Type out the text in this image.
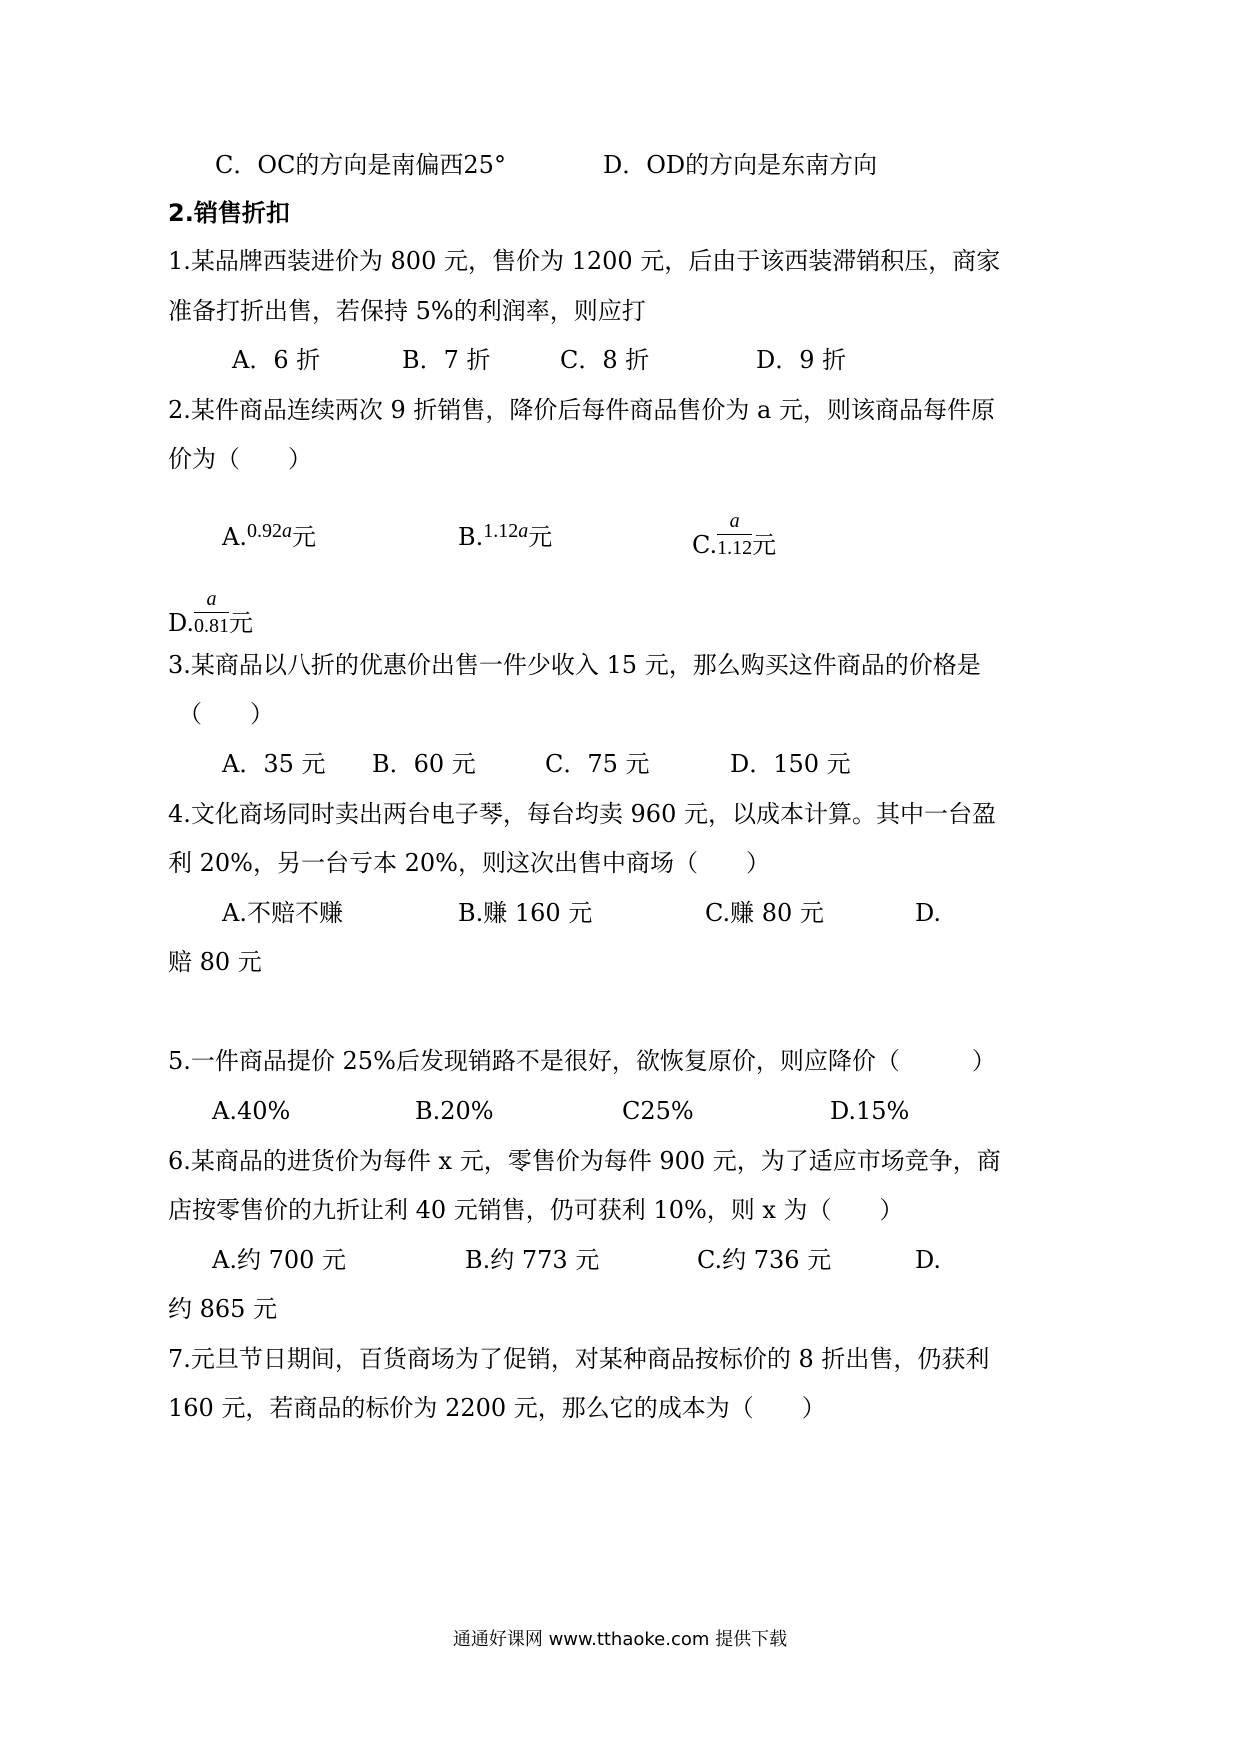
C．OC的方向是南偏西25°	D．OD的方向是东南方向
2.销售折扣
1.某品牌西装进价为 800 元，售价为 1200 元，后由于该西装滞销积压，商家
准备打折出售，若保持 5%的利润率，则应打
A．6 折	B．7 折	C．8 折	D．9 折
2.某件商品连续两次 9 折销售，降价后每件商品售价为 a 元，则该商品每件原
价为（　　）
A.$^{0.92a}$元	B.$^{1.12a}$元	C. $\frac{a}{1.12}$ 元
D. $\frac{a}{0.81}$ 元
3.某商品以八折的优惠价出售一件少收入 15 元，那么购买这件商品的价格是
（　　）
A．35 元 B．60 元	C．75 元	D．150 元
4.文化商场同时卖出两台电子琴，每台均卖 960 元，以成本计算。其中一台盈
利 20%，另一台亏本 20%，则这次出售中商场（　　）
A.不赔不赚	B.赚 160 元	C.赚 80 元	D.
赔 80 元
5.一件商品提价 25%后发现销路不是很好，欲恢复原价，则应降价（　　　）
A.40%	B.20%	C25%	D.15%
6.某商品的进货价为每件 x 元，零售价为每件 900 元，为了适应市场竞争，商
店按零售价的九折让利 40 元销售，仍可获利 10%，则 x 为（　　）
A.约 700 元	B.约 773 元	C.约 736 元	D.
约 865 元
7.元旦节日期间，百货商场为了促销，对某种商品按标价的 8 折出售，仍获利
160 元，若商品的标价为 2200 元，那么它的成本为（　　）
通通好课网 www.tthaoke.com 提供下载
